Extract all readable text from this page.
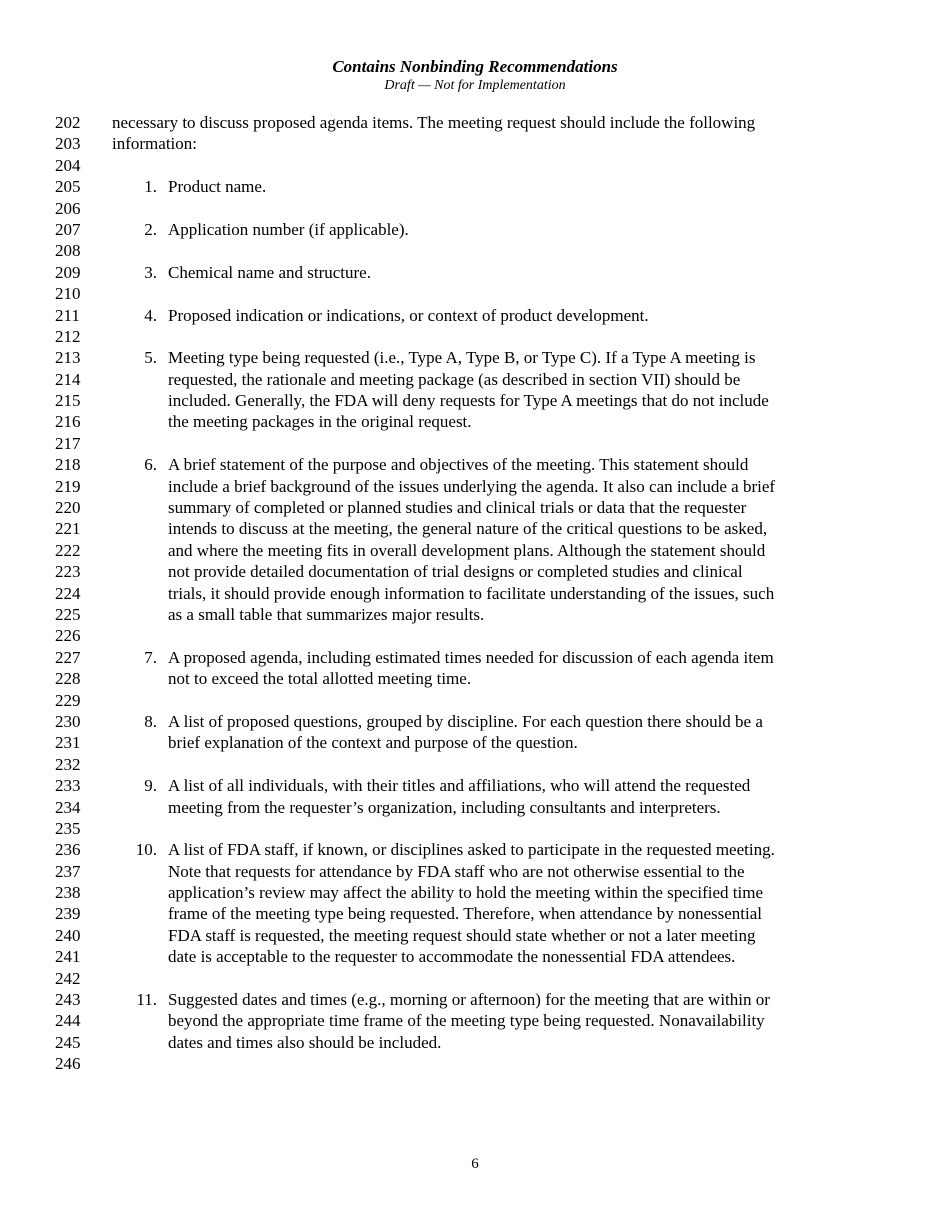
Contains Nonbinding Recommendations
Draft — Not for Implementation
202 necessary to discuss proposed agenda items. The meeting request should include the following
203 information:
204
205	1. Product name.
206
207	2. Application number (if applicable).
208
209	3. Chemical name and structure.
210
211	4. Proposed indication or indications, or context of product development.
212
213	5. Meeting type being requested (i.e., Type A, Type B, or Type C). If a Type A meeting is
214	requested, the rationale and meeting package (as described in section VII) should be
215	included. Generally, the FDA will deny requests for Type A meetings that do not include
216	the meeting packages in the original request.
217
218	6. A brief statement of the purpose and objectives of the meeting. This statement should
219	include a brief background of the issues underlying the agenda. It also can include a brief
220	summary of completed or planned studies and clinical trials or data that the requester
221	intends to discuss at the meeting, the general nature of the critical questions to be asked,
222	and where the meeting fits in overall development plans. Although the statement should
223	not provide detailed documentation of trial designs or completed studies and clinical
224	trials, it should provide enough information to facilitate understanding of the issues, such
225	as a small table that summarizes major results.
226
227	7. A proposed agenda, including estimated times needed for discussion of each agenda item
228	not to exceed the total allotted meeting time.
229
230	8. A list of proposed questions, grouped by discipline. For each question there should be a
231	brief explanation of the context and purpose of the question.
232
233	9. A list of all individuals, with their titles and affiliations, who will attend the requested
234	meeting from the requester’s organization, including consultants and interpreters.
235
236	10. A list of FDA staff, if known, or disciplines asked to participate in the requested meeting.
237	Note that requests for attendance by FDA staff who are not otherwise essential to the
238	application’s review may affect the ability to hold the meeting within the specified time
239	frame of the meeting type being requested. Therefore, when attendance by nonessential
240	FDA staff is requested, the meeting request should state whether or not a later meeting
241	date is acceptable to the requester to accommodate the nonessential FDA attendees.
242
243	11. Suggested dates and times (e.g., morning or afternoon) for the meeting that are within or
244	beyond the appropriate time frame of the meeting type being requested. Nonavailability
245	dates and times also should be included.
246
6
